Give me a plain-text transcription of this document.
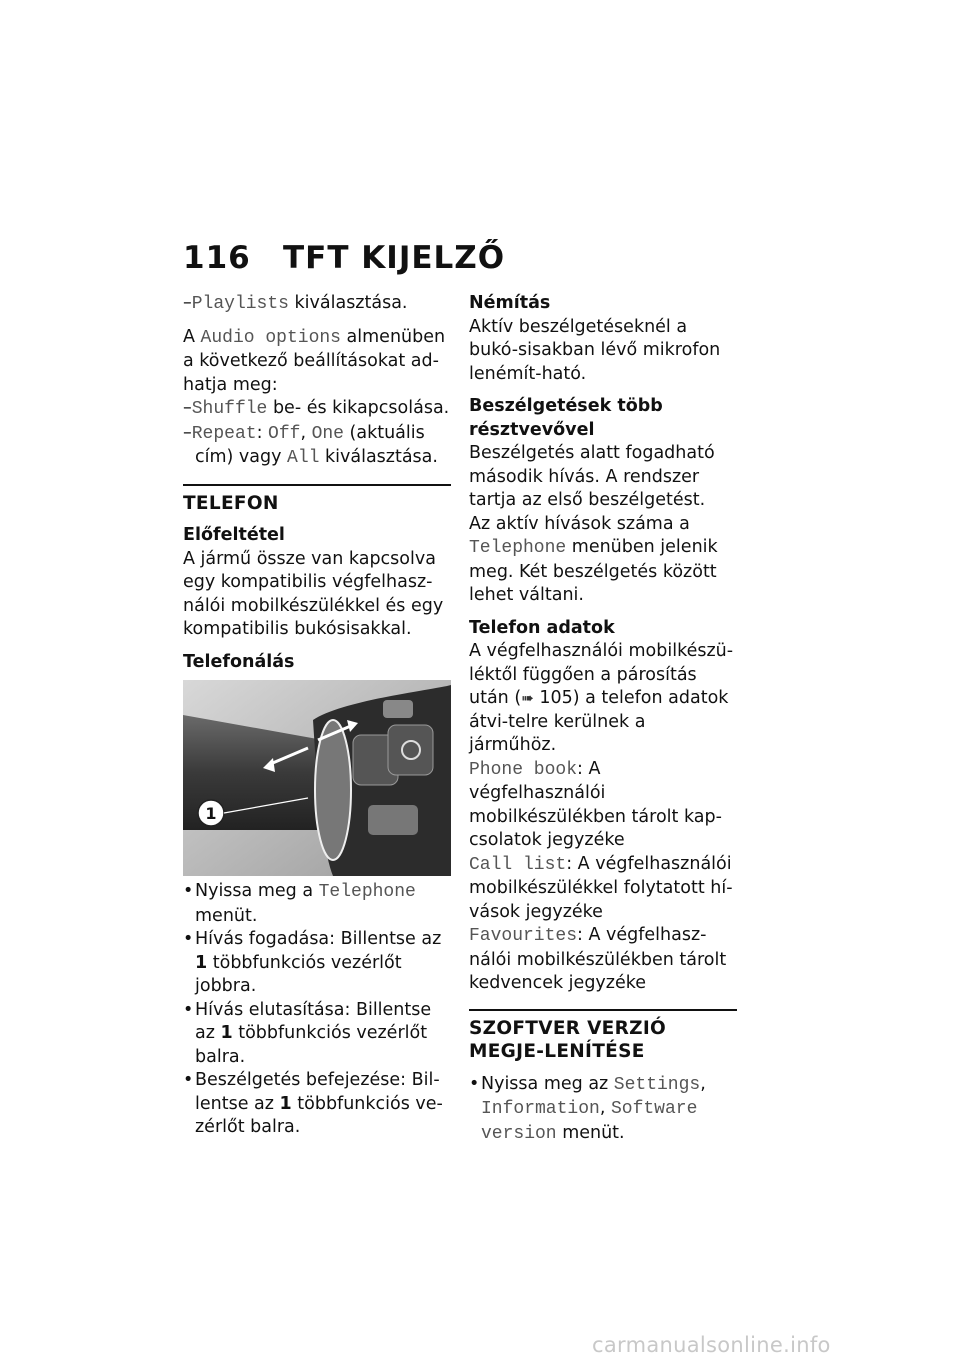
116 TFT KIJELZŐ

–Playlists kiválasztása.

A Audio options almenüben a következő beállításokat ad-hatja meg:

–Shuffle be- és kikapcsolása.

–Repeat: Off, One (aktuális cím) vagy All kiválasztása.

TELEFON

Előfeltétel

A jármű össze van kapcsolva egy kompatibilis végfelhasz-nálói mobilkészülékkel és egy kompatibilis bukósisakkal.

Telefonálás

1

• Nyissa meg a Telephone menüt.

• Hívás fogadása: Billentse az 1 többfunkciós vezérlőt jobbra.

• Hívás elutasítása: Billentse az 1 többfunkciós vezérlőt balra.

• Beszélgetés befejezése: Bil-lentse az 1 többfunkciós ve-zérlőt balra.

Némítás

Aktív beszélgetéseknél a bukó-sisakban lévő mikrofon lenémít-ható.

Beszélgetések több résztvevővel

Beszélgetés alatt fogadható második hívás. A rendszer tartja az első beszélgetést.

Az aktív hívások száma a Telephone menüben jelenik meg. Két beszélgetés között lehet váltani.

Telefon adatok

A végfelhasználói mobilkészü-léktől függően a párosítás után (➠ 105) a telefon adatok átvi-telre kerülnek a járműhöz.

Phone book: A végfelhasználói mobilkészülékben tárolt kap-csolatok jegyzéke

Call list: A végfelhasználói mobilkészülékkel folytatott hí-vások jegyzéke

Favourites: A végfelhasz-nálói mobilkészülékben tárolt kedvencek jegyzéke

SZOFTVER VERZIÓ MEGJE-LENÍTÉSE

• Nyissa meg az Settings, Information, Software version menüt.

carmanualsonline.info
